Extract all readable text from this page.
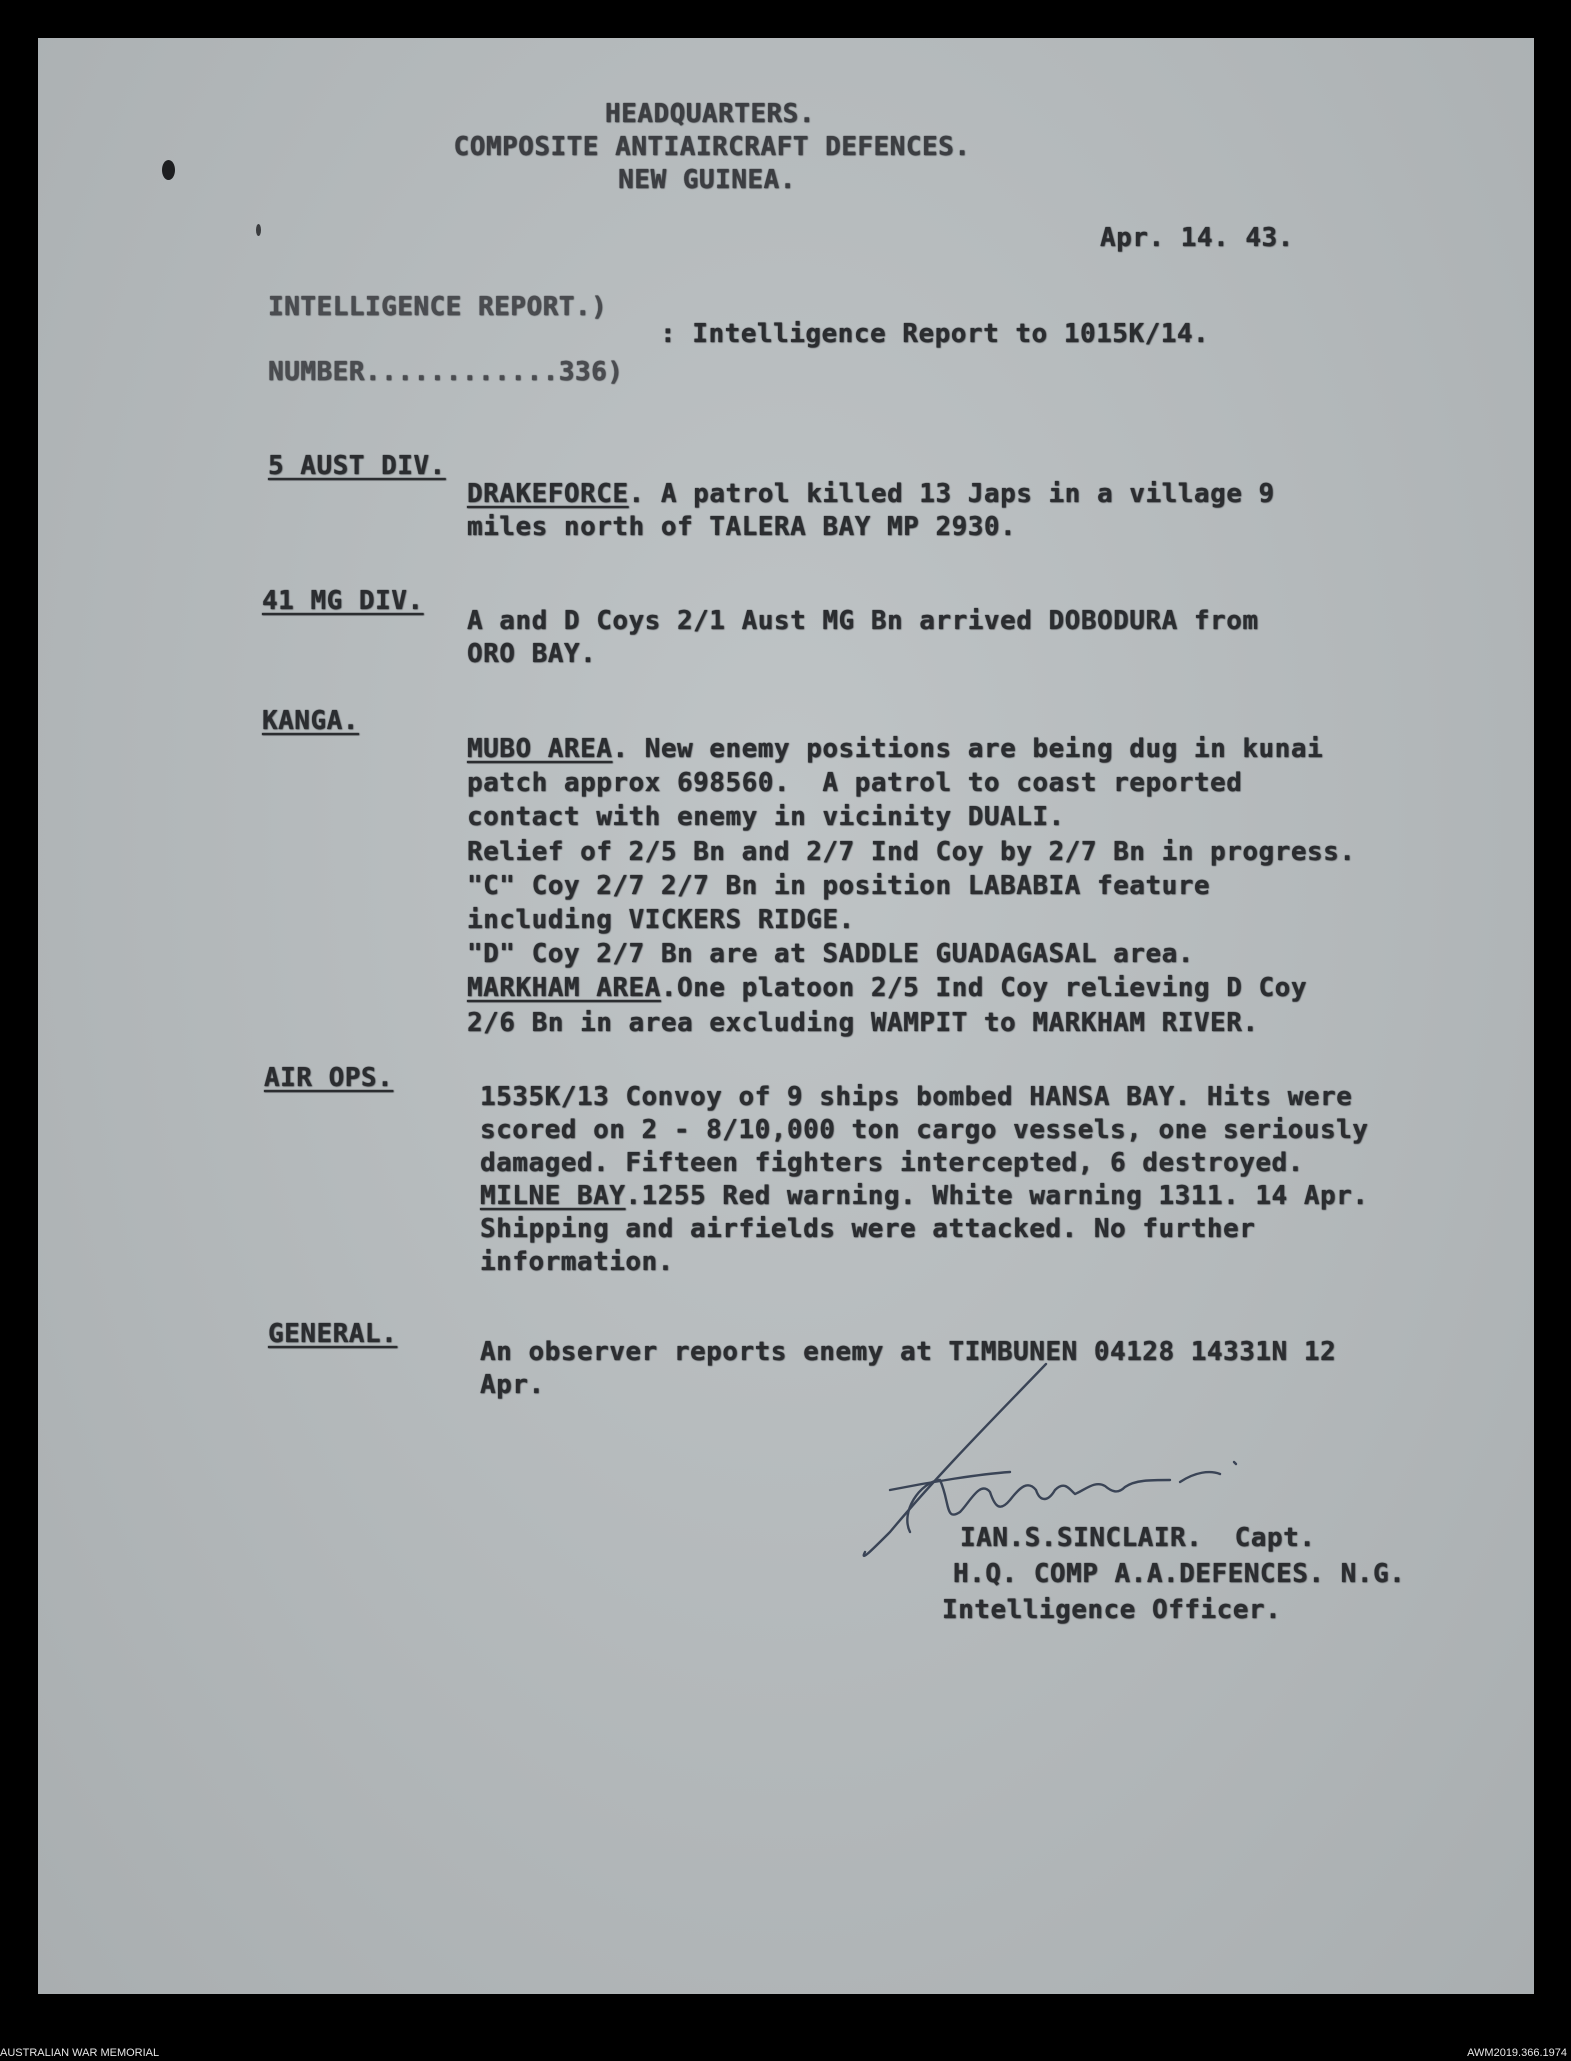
HEADQUARTERS.
COMPOSITE ANTIAIRCRAFT DEFENCES.
NEW GUINEA.
Apr. 14. 43.
INTELLIGENCE REPORT.)
: Intelligence Report to 1015K/14.
NUMBER............336)
5 AUST DIV.
DRAKEFORCE. A patrol killed 13 Japs in a village 9
miles north of TALERA BAY MP 2930.
41 MG DIV.
A and D Coys 2/1 Aust MG Bn arrived DOBODURA from
ORO BAY.
KANGA.
MUBO AREA. New enemy positions are being dug in kunai
patch approx 698560.  A patrol to coast reported
contact with enemy in vicinity DUALI.
Relief of 2/5 Bn and 2/7 Ind Coy by 2/7 Bn in progress.
"C" Coy 2/7 2/7 Bn in position LABABIA feature
including VICKERS RIDGE.
"D" Coy 2/7 Bn are at SADDLE GUADAGASAL area.
MARKHAM AREA.One platoon 2/5 Ind Coy relieving D Coy
2/6 Bn in area excluding WAMPIT to MARKHAM RIVER.
AIR OPS.
1535K/13 Convoy of 9 ships bombed HANSA BAY. Hits were
scored on 2 - 8/10,000 ton cargo vessels, one seriously
damaged. Fifteen fighters intercepted, 6 destroyed.
MILNE BAY.1255 Red warning. White warning 1311. 14 Apr.
Shipping and airfields were attacked. No further
information.
GENERAL.
An observer reports enemy at TIMBUNEN 04128 14331N 12
Apr.
IAN.S.SINCLAIR.  Capt.
H.Q. COMP A.A.DEFENCES. N.G.
Intelligence Officer.
AUSTRALIAN WAR MEMORIAL	AWM2019.366.1974
